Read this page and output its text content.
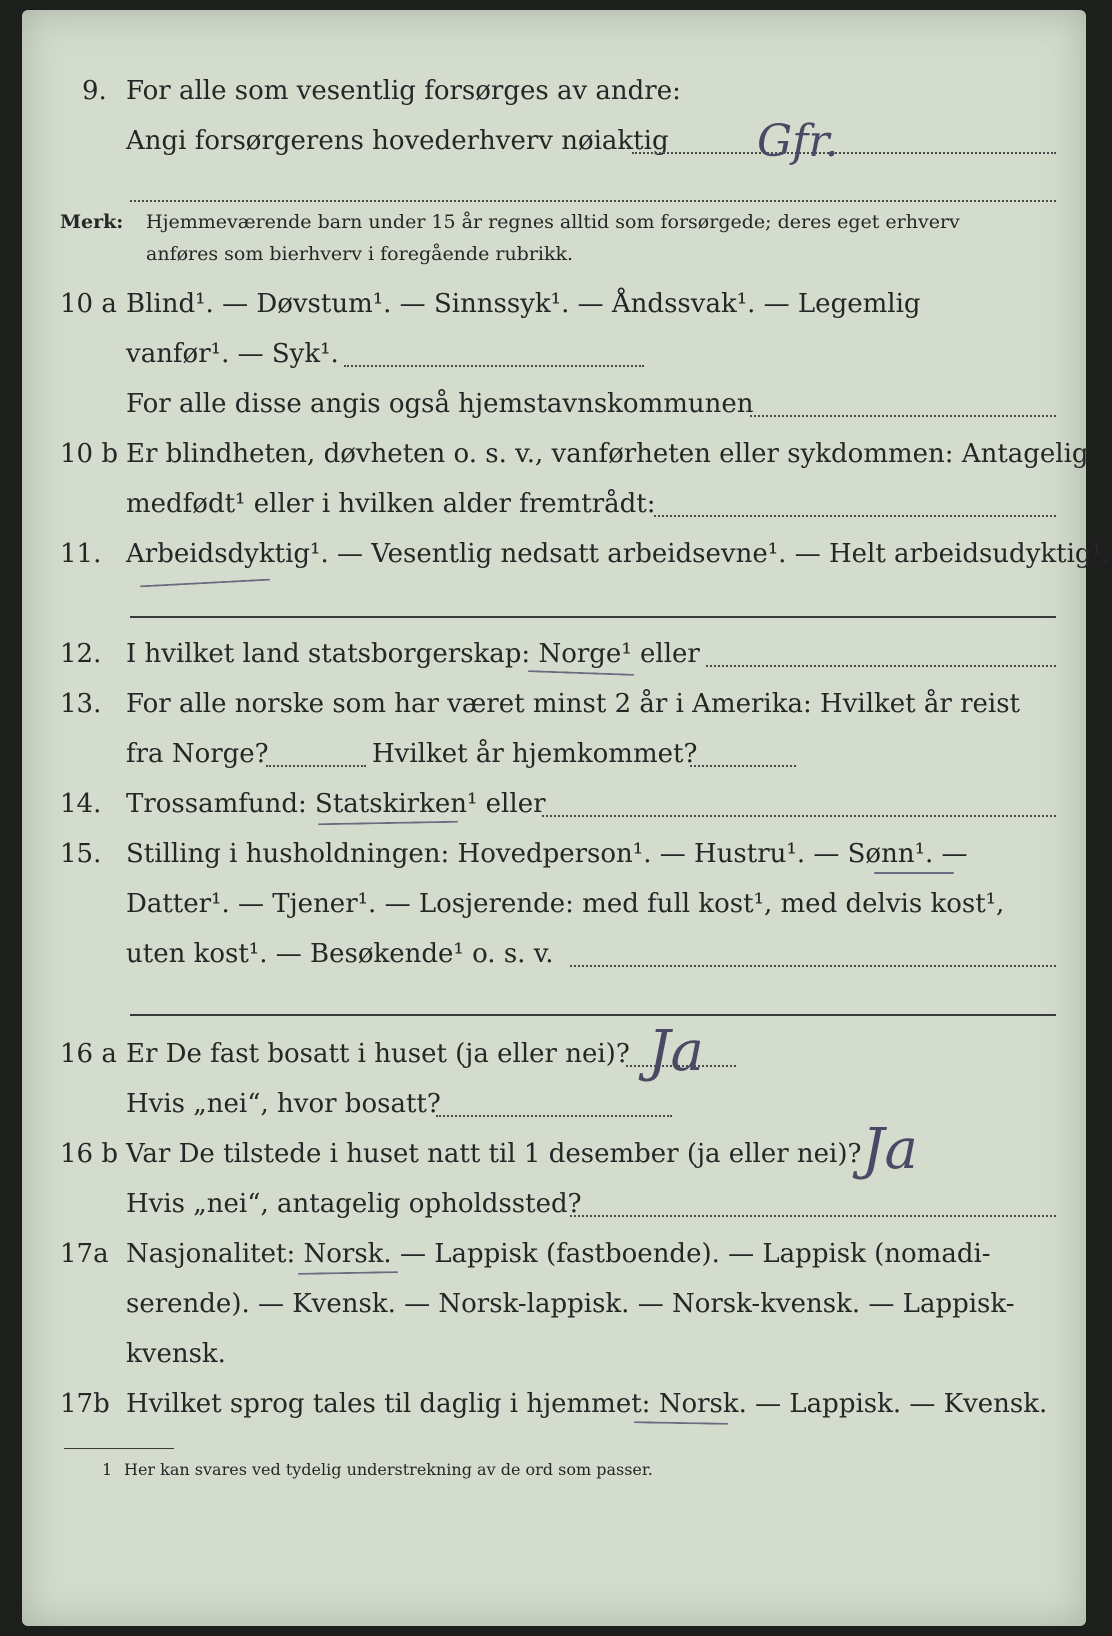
9. For alle som vesentlig forsørges av andre:
Angi forsørgerens hovederhverv nøiaktig Gfr.
Merk: Hjemmeværende barn under 15 år regnes alltid som forsørgede; deres eget erhverv
anføres som bierhverv i foregående rubrikk.
10 a Blind¹. — Døvstum¹. — Sinnssyk¹. — Åndssvak¹. — Legemlig
vanfør¹. — Syk¹.
For alle disse angis også hjemstavnskommunen
10 b Er blindheten, døvheten o. s. v., vanførheten eller sykdommen: Antagelig
medfødt¹ eller i hvilken alder fremtrådt:
11. Arbeidsdyktig¹. — Vesentlig nedsatt arbeidsevne¹. — Helt arbeidsudyktig¹.
12. I hvilket land statsborgerskap: Norge¹ eller
13. For alle norske som har været minst 2 år i Amerika: Hvilket år reist
fra Norge?	Hvilket år hjemkommet?
14. Trossamfund: Statskirken¹ eller
15. Stilling i husholdningen: Hovedperson¹. — Hustru¹. — Sønn¹. —
Datter¹. — Tjener¹. — Losjerende: med full kost¹, med delvis kost¹,
uten kost¹. — Besøkende¹ o. s. v.
16 a Er De fast bosatt i huset (ja eller nei)? Ja
Hvis „nei“, hvor bosatt?
16 b Var De tilstede i huset natt til 1 desember (ja eller nei)? Ja
Hvis „nei“, antagelig opholdssted?
17a Nasjonalitet: Norsk. — Lappisk (fastboende). — Lappisk (nomadi-
serende). — Kvensk. — Norsk-lappisk. — Norsk-kvensk. — Lappisk-
kvensk.
17b Hvilket sprog tales til daglig i hjemmet: Norsk. — Lappisk. — Kvensk.
1 Her kan svares ved tydelig understrekning av de ord som passer.
